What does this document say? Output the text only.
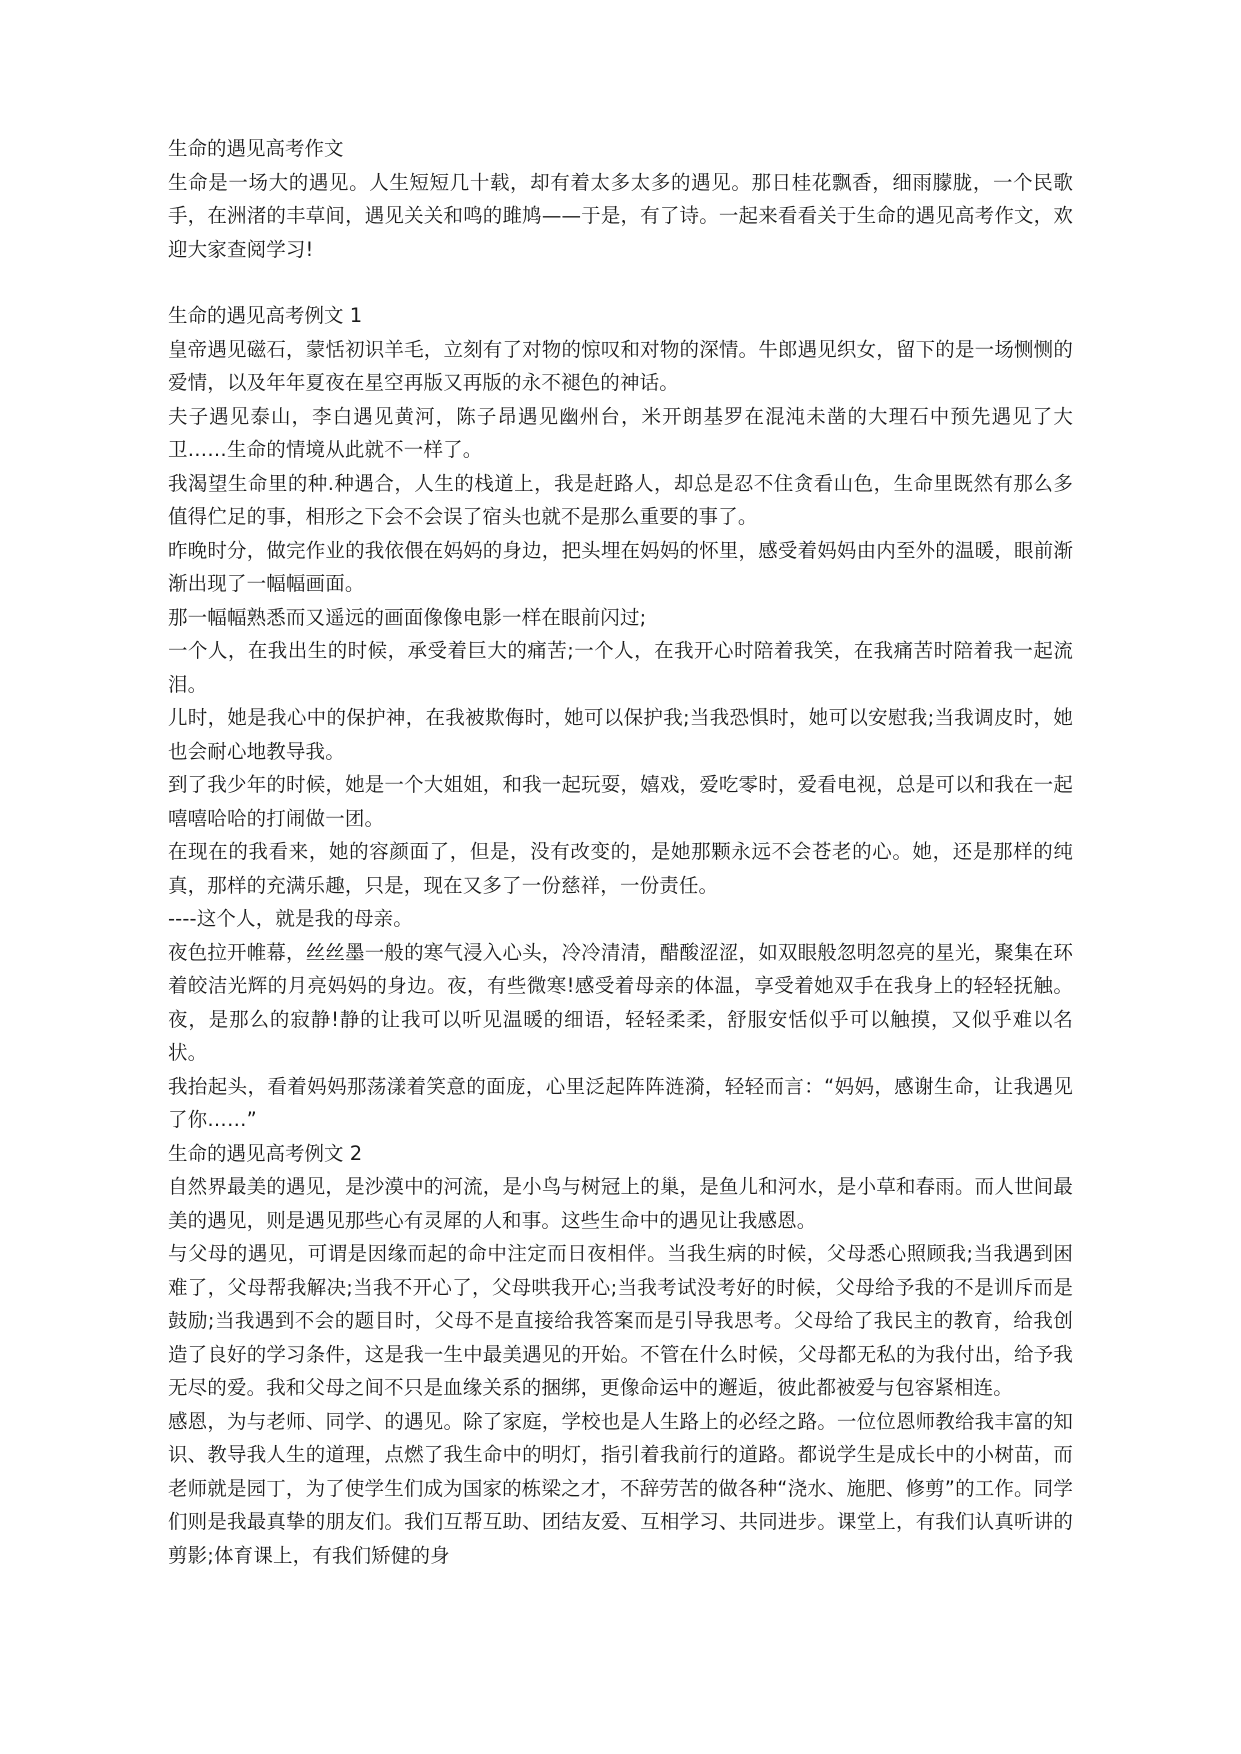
生命的遇见高考作文

生命是一场大的遇见。人生短短几十载，却有着太多太多的遇见。那日桂花飘香，细雨朦胧，一个民歌手，在洲渚的丰草间，遇见关关和鸣的雎鸠——于是，有了诗。一起来看看关于生命的遇见高考作文，欢迎大家查阅学习!

生命的遇见高考例文 1

皇帝遇见磁石，蒙恬初识羊毛，立刻有了对物的惊叹和对物的深情。牛郎遇见织女，留下的是一场恻恻的爱情，以及年年夏夜在星空再版又再版的永不褪色的神话。

夫子遇见泰山，李白遇见黄河，陈子昂遇见幽州台，米开朗基罗在混沌未凿的大理石中预先遇见了大卫……生命的情境从此就不一样了。

我渴望生命里的种.种遇合，人生的栈道上，我是赶路人，却总是忍不住贪看山色，生命里既然有那么多值得伫足的事，相形之下会不会误了宿头也就不是那么重要的事了。

昨晚时分，做完作业的我依偎在妈妈的身边，把头埋在妈妈的怀里，感受着妈妈由内至外的温暖，眼前渐渐出现了一幅幅画面。

那一幅幅熟悉而又遥远的画面像像电影一样在眼前闪过;

一个人，在我出生的时候，承受着巨大的痛苦;一个人，在我开心时陪着我笑，在我痛苦时陪着我一起流泪。

儿时，她是我心中的保护神，在我被欺侮时，她可以保护我;当我恐惧时，她可以安慰我;当我调皮时，她也会耐心地教导我。

到了我少年的时候，她是一个大姐姐，和我一起玩耍，嬉戏，爱吃零时，爱看电视，总是可以和我在一起嘻嘻哈哈的打闹做一团。

在现在的我看来，她的容颜面了，但是，没有改变的，是她那颗永远不会苍老的心。她，还是那样的纯真，那样的充满乐趣，只是，现在又多了一份慈祥，一份责任。

----这个人，就是我的母亲。

夜色拉开帷幕，丝丝墨一般的寒气浸入心头，冷冷清清，醋酸涩涩，如双眼般忽明忽亮的星光，聚集在环着皎洁光辉的月亮妈妈的身边。夜，有些微寒!感受着母亲的体温，享受着她双手在我身上的轻轻抚触。夜，是那么的寂静!静的让我可以听见温暖的细语，轻轻柔柔，舒服安恬似乎可以触摸，又似乎难以名状。

我抬起头，看着妈妈那荡漾着笑意的面庞，心里泛起阵阵涟漪，轻轻而言：“妈妈，感谢生命，让我遇见了你……”

生命的遇见高考例文 2

自然界最美的遇见，是沙漠中的河流，是小鸟与树冠上的巢，是鱼儿和河水，是小草和春雨。而人世间最美的遇见，则是遇见那些心有灵犀的人和事。这些生命中的遇见让我感恩。

与父母的遇见，可谓是因缘而起的命中注定而日夜相伴。当我生病的时候，父母悉心照顾我;当我遇到困难了，父母帮我解决;当我不开心了，父母哄我开心;当我考试没考好的时候，父母给予我的不是训斥而是鼓励;当我遇到不会的题目时，父母不是直接给我答案而是引导我思考。父母给了我民主的教育，给我创造了良好的学习条件，这是我一生中最美遇见的开始。不管在什么时候，父母都无私的为我付出，给予我无尽的爱。我和父母之间不只是血缘关系的捆绑，更像命运中的邂逅，彼此都被爱与包容紧相连。

感恩，为与老师、同学、的遇见。除了家庭，学校也是人生路上的必经之路。一位位恩师教给我丰富的知识、教导我人生的道理，点燃了我生命中的明灯，指引着我前行的道路。都说学生是成长中的小树苗，而老师就是园丁，为了使学生们成为国家的栋梁之才，不辞劳苦的做各种“浇水、施肥、修剪”的工作。同学们则是我最真挚的朋友们。我们互帮互助、团结友爱、互相学习、共同进步。课堂上，有我们认真听讲的剪影;体育课上，有我们矫健的身
